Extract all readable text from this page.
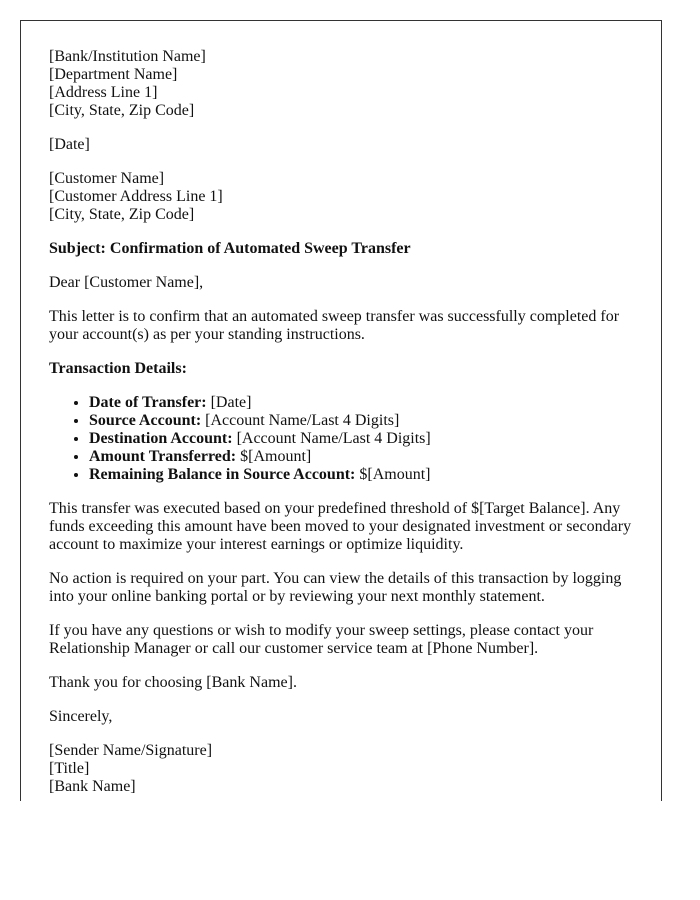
[Bank/Institution Name]
[Department Name]
[Address Line 1]
[City, State, Zip Code]

[Date]

[Customer Name]
[Customer Address Line 1]
[City, State, Zip Code]

Subject: Confirmation of Automated Sweep Transfer

Dear [Customer Name],

This letter is to confirm that an automated sweep transfer was successfully completed for your account(s) as per your standing instructions.

Transaction Details:

• Date of Transfer: [Date]
• Source Account: [Account Name/Last 4 Digits]
• Destination Account: [Account Name/Last 4 Digits]
• Amount Transferred: $[Amount]
• Remaining Balance in Source Account: $[Amount]

This transfer was executed based on your predefined threshold of $[Target Balance]. Any funds exceeding this amount have been moved to your designated investment or secondary account to maximize your interest earnings or optimize liquidity.

No action is required on your part. You can view the details of this transaction by logging into your online banking portal or by reviewing your next monthly statement.

If you have any questions or wish to modify your sweep settings, please contact your Relationship Manager or call our customer service team at [Phone Number].

Thank you for choosing [Bank Name].

Sincerely,

[Sender Name/Signature]
[Title]
[Bank Name]
